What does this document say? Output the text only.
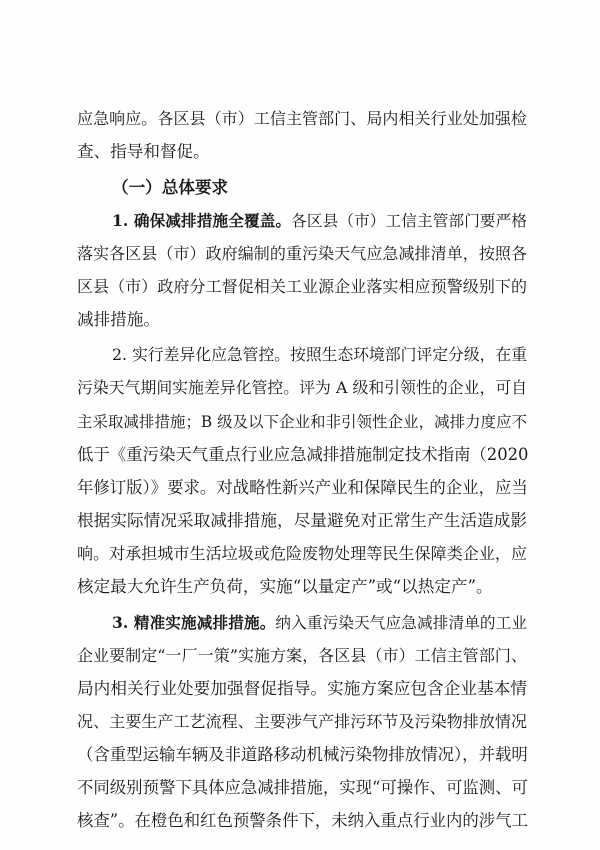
应急响应。各区县（市）工信主管部门、局内相关行业处加强检
查、指导和督促。
（一）总体要求
1. 确保减排措施全覆盖。各区县（市）工信主管部门要严格
落实各区县（市）政府编制的重污染天气应急减排清单，按照各
区县（市）政府分工督促相关工业源企业落实相应预警级别下的
减排措施。
2. 实行差异化应急管控。按照生态环境部门评定分级，在重
污染天气期间实施差异化管控。评为 A 级和引领性的企业，可自
主采取减排措施；B 级及以下企业和非引领性企业，减排力度应不
低于《重污染天气重点行业应急减排措施制定技术指南（2020
年修订版）》要求。对战略性新兴产业和保障民生的企业，应当
根据实际情况采取减排措施，尽量避免对正常生产生活造成影
响。对承担城市生活垃圾或危险废物处理等民生保障类企业，应
核定最大允许生产负荷，实施“以量定产”或“以热定产”。
3. 精准实施减排措施。纳入重污染天气应急减排清单的工业
企业要制定“一厂一策”实施方案，各区县（市）工信主管部门、
局内相关行业处要加强督促指导。实施方案应包含企业基本情
况、主要生产工艺流程、主要涉气产排污环节及污染物排放情况
（含重型运输车辆及非道路移动机械污染物排放情况），并载明
不同级别预警下具体应急减排措施，实现“可操作、可监测、可
核查”。在橙色和红色预警条件下，未纳入重点行业内的涉气工
